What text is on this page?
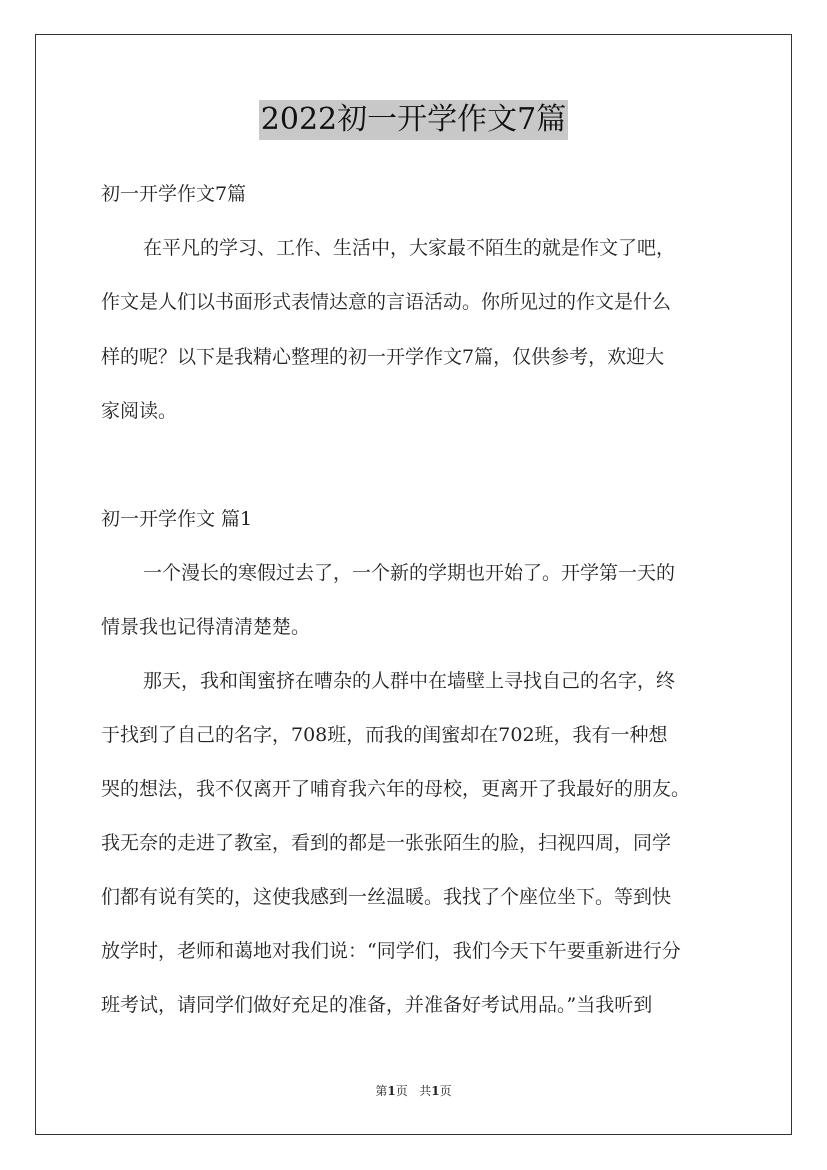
2022初一开学作文7篇
初一开学作文7篇
在平凡的学习、工作、生活中，大家最不陌生的就是作文了吧，
作文是人们以书面形式表情达意的言语活动。你所见过的作文是什么
样的呢？以下是我精心整理的初一开学作文7篇，仅供参考，欢迎大
家阅读。
初一开学作文 篇1
一个漫长的寒假过去了，一个新的学期也开始了。开学第一天的
情景我也记得清清楚楚。
那天，我和闺蜜挤在嘈杂的人群中在墙壁上寻找自己的名字，终
于找到了自己的名字，708班，而我的闺蜜却在702班，我有一种想
哭的想法，我不仅离开了哺育我六年的母校，更离开了我最好的朋友。
我无奈的走进了教室，看到的都是一张张陌生的脸，扫视四周，同学
们都有说有笑的，这使我感到一丝温暖。我找了个座位坐下。等到快
放学时，老师和蔼地对我们说：“同学们，我们今天下午要重新进行分
班考试，请同学们做好充足的准备，并准备好考试用品。”当我听到
第1页   共1页
